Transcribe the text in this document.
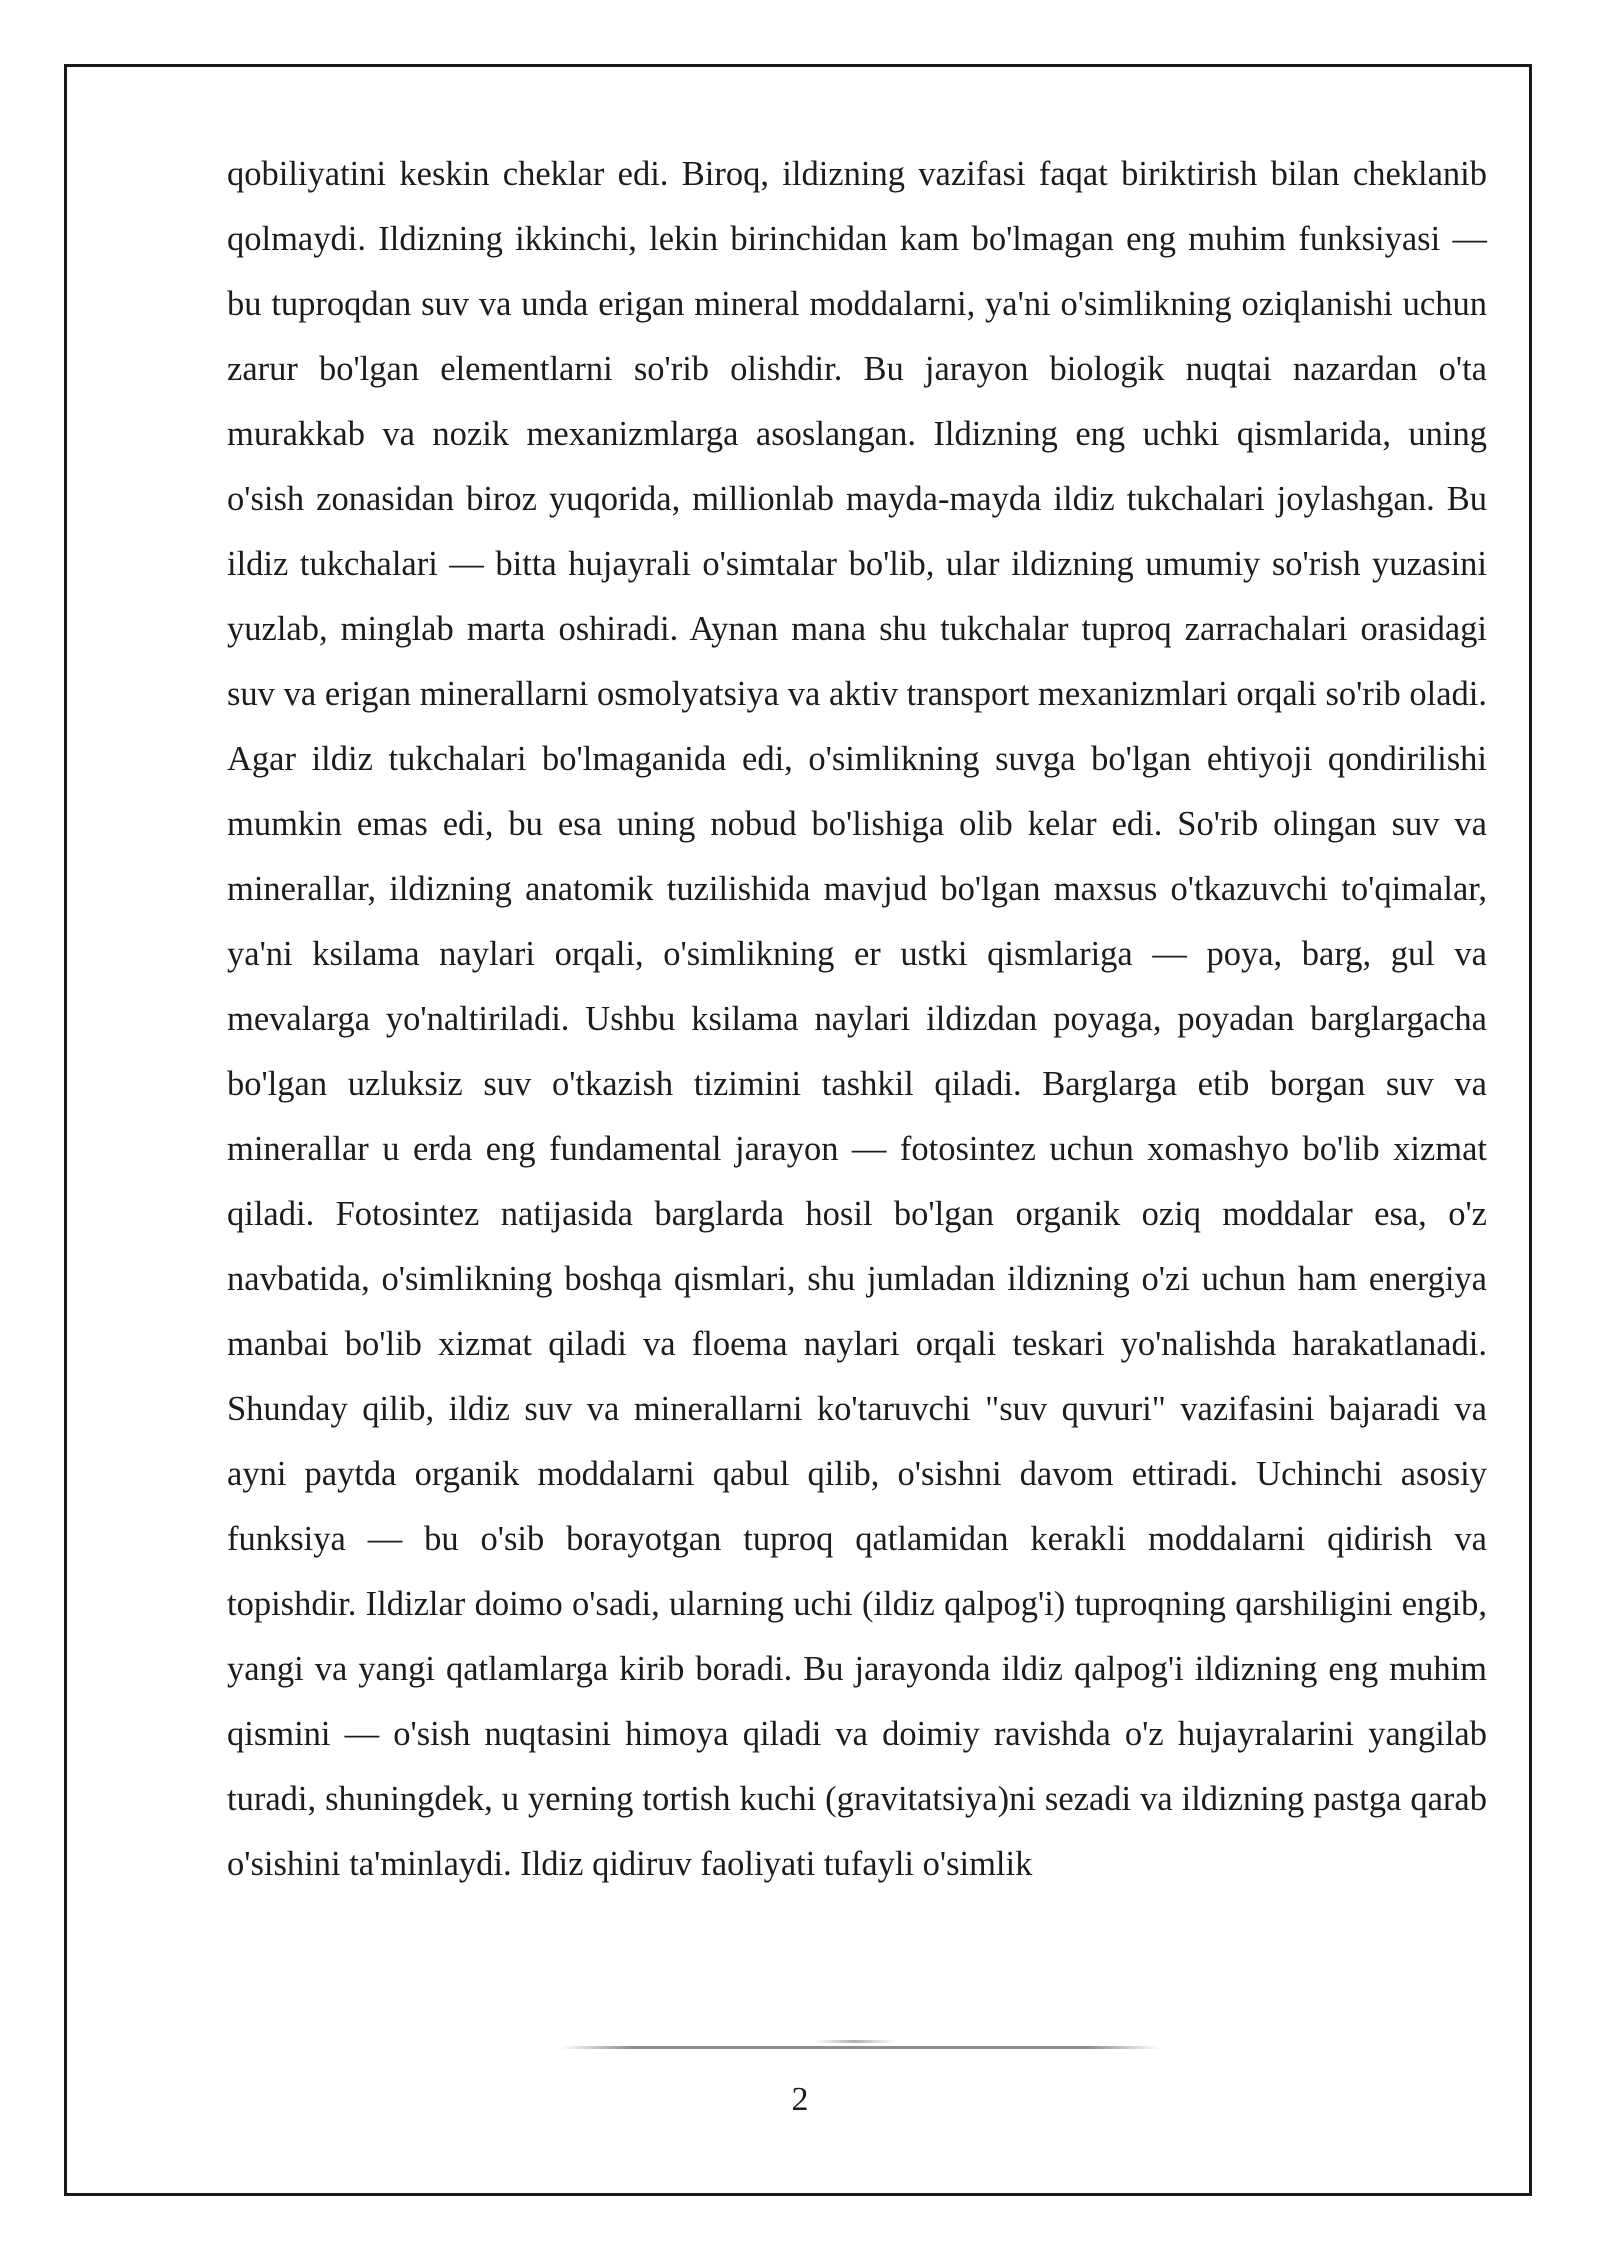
qobiliyatini keskin cheklar edi. Biroq, ildizning vazifasi faqat biriktirish bilan cheklanib qolmaydi. Ildizning ikkinchi, lekin birinchidan kam bo'lmagan eng muhim funksiyasi — bu tuproqdan suv va unda erigan mineral moddalarni, ya'ni o'simlikning oziqlanishi uchun zarur bo'lgan elementlarni so'rib olishdir. Bu jarayon biologik nuqtai nazardan o'ta murakkab va nozik mexanizmlarga asoslangan. Ildizning eng uchki qismlarida, uning o'sish zonasidan biroz yuqorida, millionlab mayda-mayda ildiz tukchalari joylashgan. Bu ildiz tukchalari — bitta hujayrali o'simtalar bo'lib, ular ildizning umumiy so'rish yuzasini yuzlab, minglab marta oshiradi. Aynan mana shu tukchalar tuproq zarrachalari orasidagi suv va erigan minerallarni osmolyatsiya va aktiv transport mexanizmlari orqali so'rib oladi. Agar ildiz tukchalari bo'lmaganida edi, o'simlikning suvga bo'lgan ehtiyoji qondirilishi mumkin emas edi, bu esa uning nobud bo'lishiga olib kelar edi. So'rib olingan suv va minerallar, ildizning anatomik tuzilishida mavjud bo'lgan maxsus o'tkazuvchi to'qimalar, ya'ni ksilama naylari orqali, o'simlikning er ustki qismlariga — poya, barg, gul va mevalarga yo'naltiriladi. Ushbu ksilama naylari ildizdan poyaga, poyadan barglargacha bo'lgan uzluksiz suv o'tkazish tizimini tashkil qiladi. Barglarga etib borgan suv va minerallar u erda eng fundamental jarayon — fotosintez uchun xomashyo bo'lib xizmat qiladi. Fotosintez natijasida barglarda hosil bo'lgan organik oziq moddalar esa, o'z navbatida, o'simlikning boshqa qismlari, shu jumladan ildizning o'zi uchun ham energiya manbai bo'lib xizmat qiladi va floema naylari orqali teskari yo'nalishda harakatlanadi. Shunday qilib, ildiz suv va minerallarni ko'taruvchi "suv quvuri" vazifasini bajaradi va ayni paytda organik moddalarni qabul qilib, o'sishni davom ettiradi. Uchinchi asosiy funksiya — bu o'sib borayotgan tuproq qatlamidan kerakli moddalarni qidirish va topishdir. Ildizlar doimo o'sadi, ularning uchi (ildiz qalpog'i) tuproqning qarshiligini engib, yangi va yangi qatlamlarga kirib boradi. Bu jarayonda ildiz qalpog'i ildizning eng muhim qismini — o'sish nuqtasini himoya qiladi va doimiy ravishda o'z hujayralarini yangilab turadi, shuningdek, u yerning tortish kuchi (gravitatsiya)ni sezadi va ildizning pastga qarab o'sishini ta'minlaydi. Ildiz qidiruv faoliyati tufayli o'simlik

2
